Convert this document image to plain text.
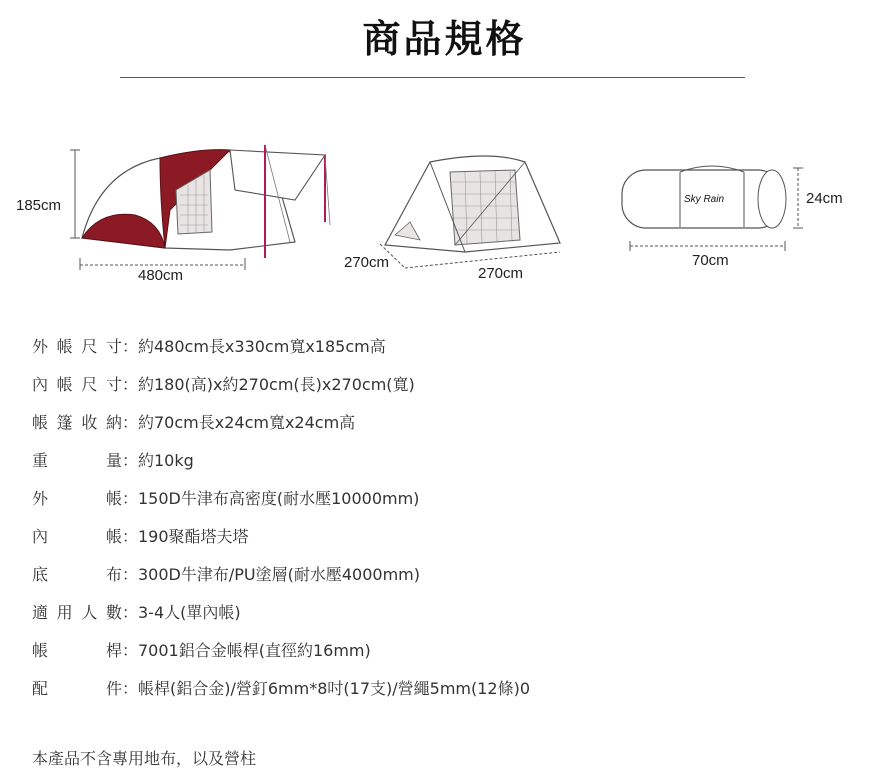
商品規格
185cm
480cm
270cm
270cm
24cm
70cm
Sky Rain
外帳尺寸：約480cm長x330cm寬x185cm高
內帳尺寸：約180(高)x約270cm(長)x270cm(寬)
帳篷收納：約70cm長x24cm寬x24cm高
重量：約10kg
外帳：150D牛津布高密度(耐水壓10000mm)
內帳：190聚酯塔夫塔
底布：300D牛津布/PU塗層(耐水壓4000mm)
適用人數：3-4人(單內帳)
帳桿：7001鋁合金帳桿(直徑約16mm)
配件：帳桿(鋁合金)/營釘6mm*8吋(17支)/營繩5mm(12條)0
本產品不含專用地布，以及營柱
